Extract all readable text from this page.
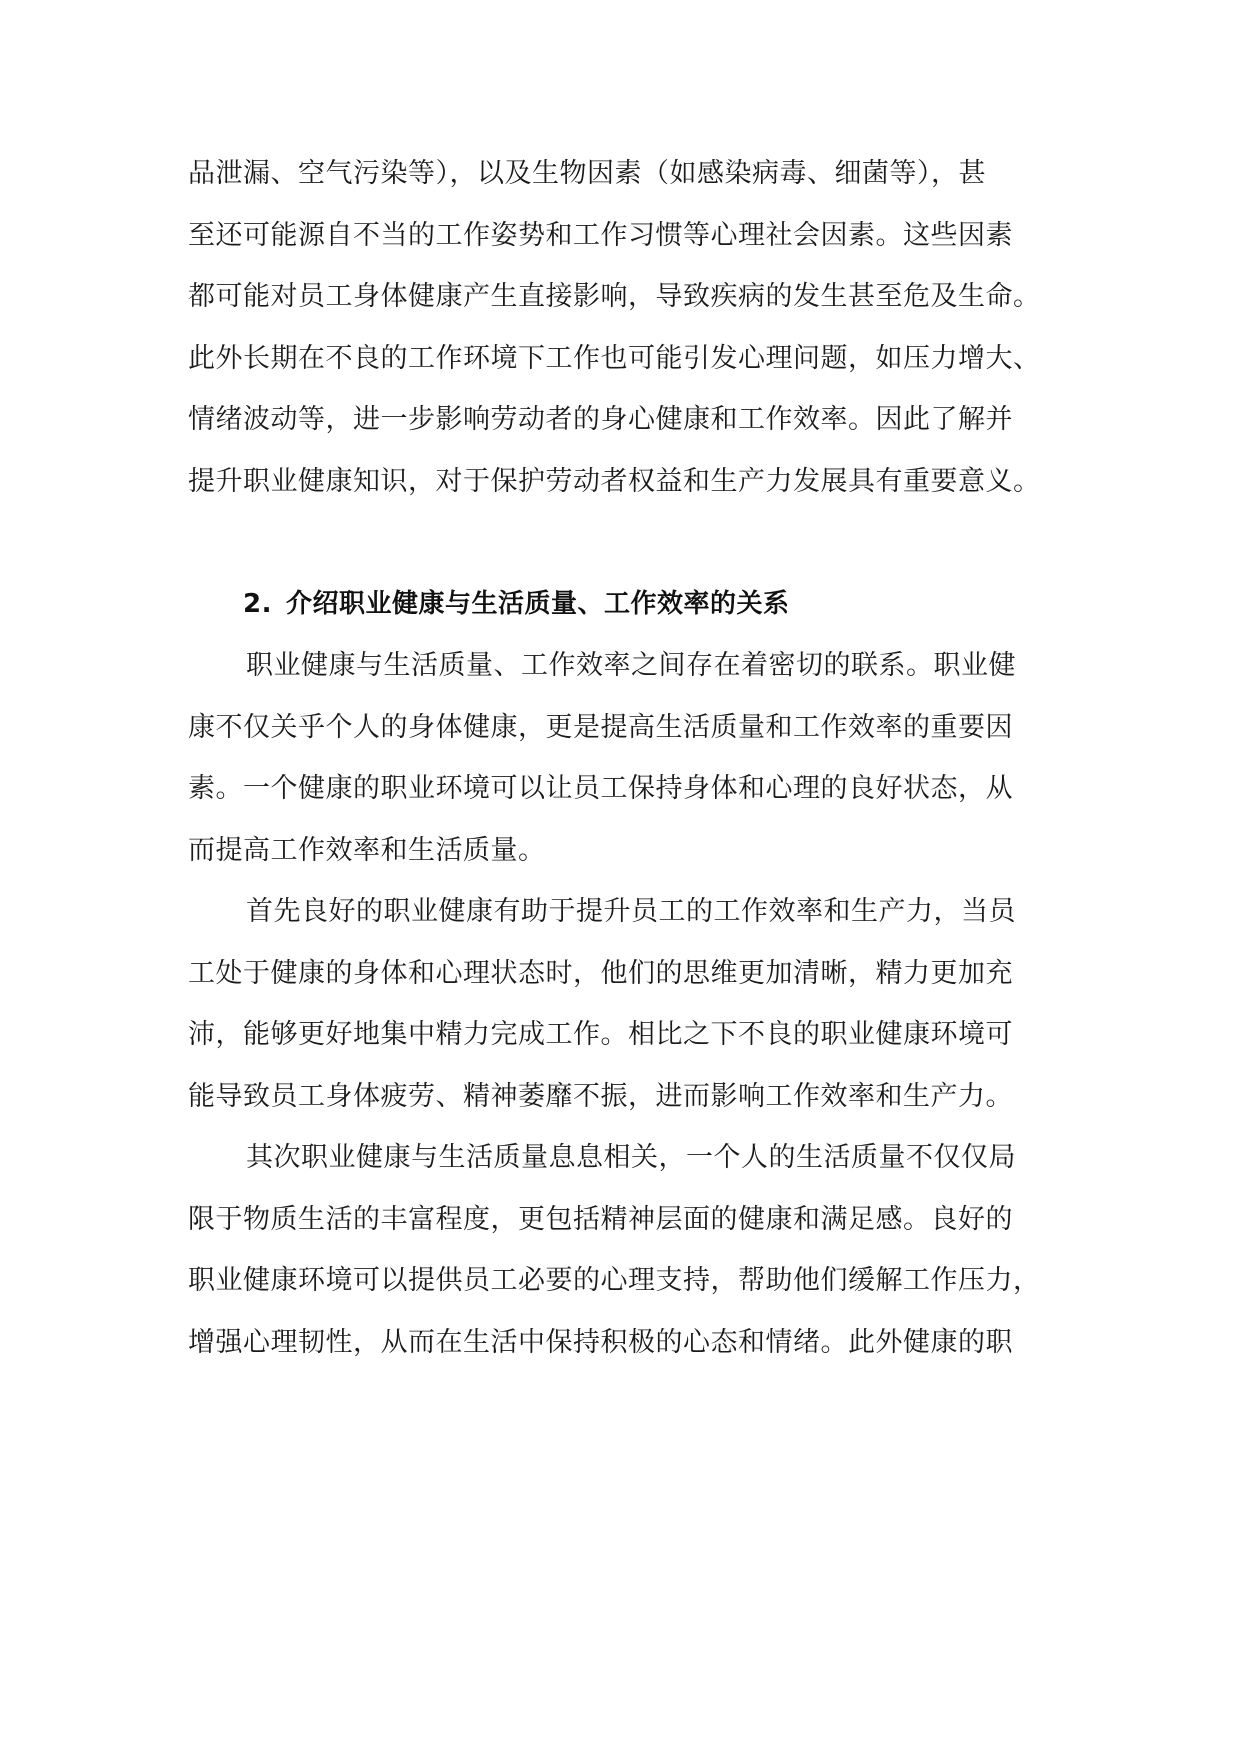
品泄漏、空气污染等），以及生物因素（如感染病毒、细菌等），甚
至还可能源自不当的工作姿势和工作习惯等心理社会因素。这些因素
都可能对员工身体健康产生直接影响，导致疾病的发生甚至危及生命。
此外长期在不良的工作环境下工作也可能引发心理问题，如压力增大、
情绪波动等，进一步影响劳动者的身心健康和工作效率。因此了解并
提升职业健康知识，对于保护劳动者权益和生产力发展具有重要意义。
2. 介绍职业健康与生活质量、工作效率的关系
职业健康与生活质量、工作效率之间存在着密切的联系。职业健
康不仅关乎个人的身体健康，更是提高生活质量和工作效率的重要因
素。一个健康的职业环境可以让员工保持身体和心理的良好状态，从
而提高工作效率和生活质量。
首先良好的职业健康有助于提升员工的工作效率和生产力，当员
工处于健康的身体和心理状态时，他们的思维更加清晰，精力更加充
沛，能够更好地集中精力完成工作。相比之下不良的职业健康环境可
能导致员工身体疲劳、精神萎靡不振，进而影响工作效率和生产力。
其次职业健康与生活质量息息相关，一个人的生活质量不仅仅局
限于物质生活的丰富程度，更包括精神层面的健康和满足感。良好的
职业健康环境可以提供员工必要的心理支持，帮助他们缓解工作压力，
增强心理韧性，从而在生活中保持积极的心态和情绪。此外健康的职
